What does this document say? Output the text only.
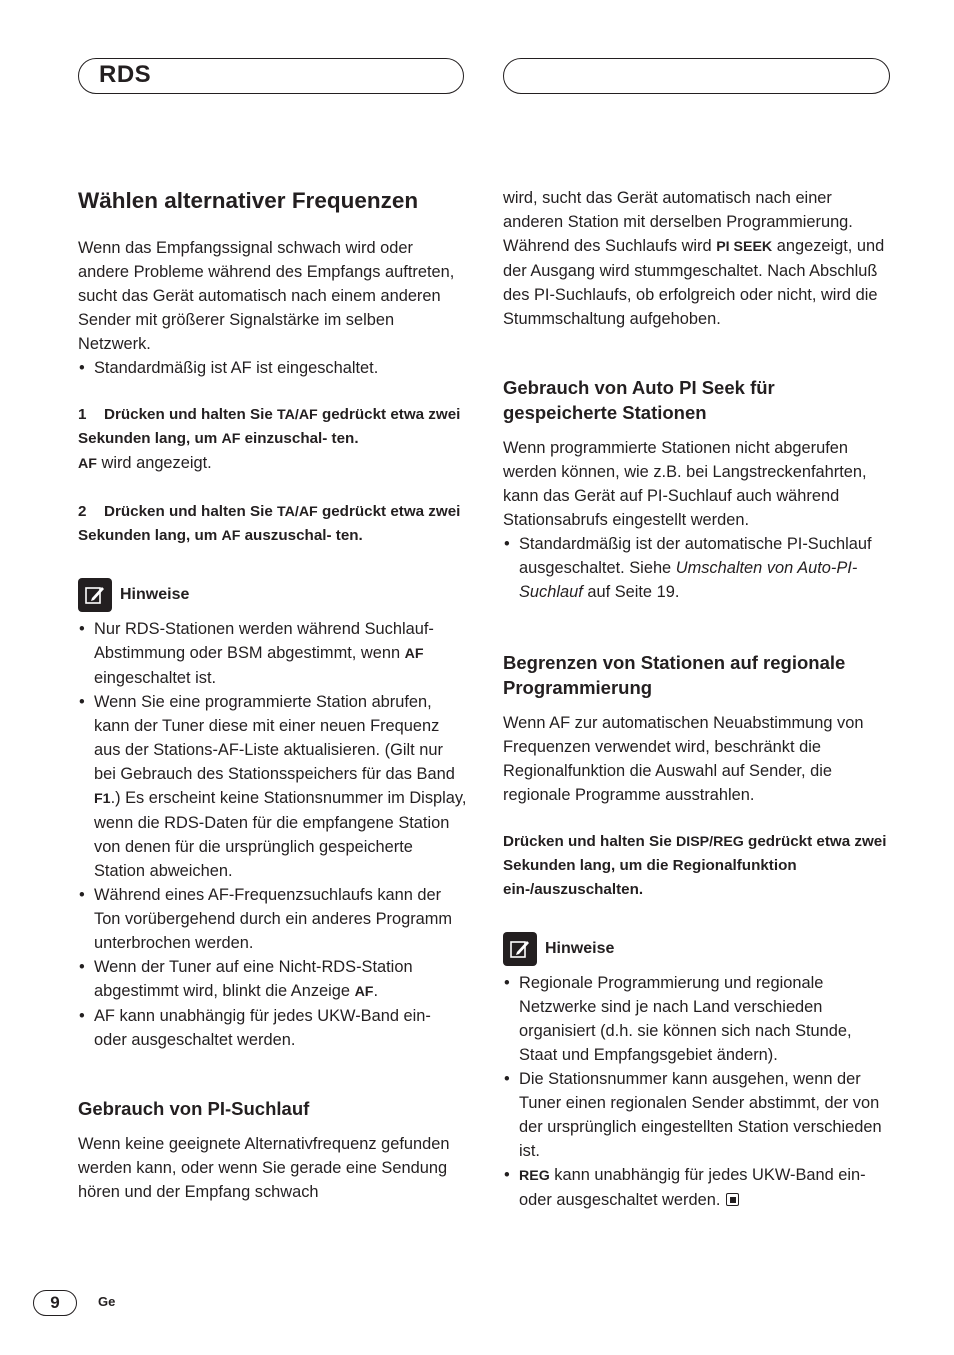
RDS
Wählen alternativer Frequenzen

Wenn das Empfangssignal schwach wird oder andere Probleme während des Empfangs auftreten, sucht das Gerät automatisch nach einem anderen Sender mit größerer Signalstärke im selben Netzwerk.

• Standardmäßig ist AF ist eingeschaltet.
1 Drücken und halten Sie TA/AF gedrückt etwa zwei Sekunden lang, um AF einzuschal- ten.

AF wird angezeigt.

2 Drücken und halten Sie TA/AF gedrückt etwa zwei Sekunden lang, um AF auszuschal- ten.
Hinweise
• Nur RDS-Stationen werden während Suchlauf-Abstimmung oder BSM abgestimmt, wenn AF eingeschaltet ist.
• Wenn Sie eine programmierte Station abrufen, kann der Tuner diese mit einer neuen Frequenz aus der Stations-AF-Liste aktualisieren. (Gilt nur bei Gebrauch des Stationsspeichers für das Band F1.) Es erscheint keine Stationsnummer im Display, wenn die RDS-Daten für die empfangene Station von denen für die ursprünglich gespeicherte Station abweichen.
• Während eines AF-Frequenzsuchlaufs kann der Ton vorübergehend durch ein anderes Programm unterbrochen werden.
• Wenn der Tuner auf eine Nicht-RDS-Station abgestimmt wird, blinkt die Anzeige AF.
• AF kann unabhängig für jedes UKW-Band ein- oder ausgeschaltet werden.
Gebrauch von PI-Suchlauf

Wenn keine geeignete Alternativfrequenz gefunden werden kann, oder wenn Sie gerade eine Sendung hören und der Empfang schwach

wird, sucht das Gerät automatisch nach einer anderen Station mit derselben Programmierung. Während des Suchlaufs wird PI SEEK angezeigt, und der Ausgang wird stummgeschaltet. Nach Abschluß des PI-Suchlaufs, ob erfolgreich oder nicht, wird die Stummschaltung aufgehoben.

Gebrauch von Auto PI Seek für gespeicherte Stationen

Wenn programmierte Stationen nicht abgerufen werden können, wie z.B. bei Langstreckenfahrten, kann das Gerät auf PI-Suchlauf auch während Stationsabrufs eingestellt werden.

• Standardmäßig ist der automatische PI-Suchlauf ausgeschaltet. Siehe Umschalten von Auto-PI-Suchlauf auf Seite 19.
Begrenzen von Stationen auf regionale Programmierung

Wenn AF zur automatischen Neuabstimmung von Frequenzen verwendet wird, beschränkt die Regionalfunktion die Auswahl auf Sender, die regionale Programme ausstrahlen.

Drücken und halten Sie DISP/REG gedrückt etwa zwei Sekunden lang, um die Regionalfunktion ein-/auszuschalten.
Hinweise
• Regionale Programmierung und regionale Netzwerke sind je nach Land verschieden organisiert (d.h. sie können sich nach Stunde, Staat und Empfangsgebiet ändern).
• Die Stationsnummer kann ausgehen, wenn der Tuner einen regionalen Sender abstimmt, der von der ursprünglich eingestellten Station verschieden ist.
• REG kann unabhängig für jedes UKW-Band ein- oder ausgeschaltet werden.
9	Ge
